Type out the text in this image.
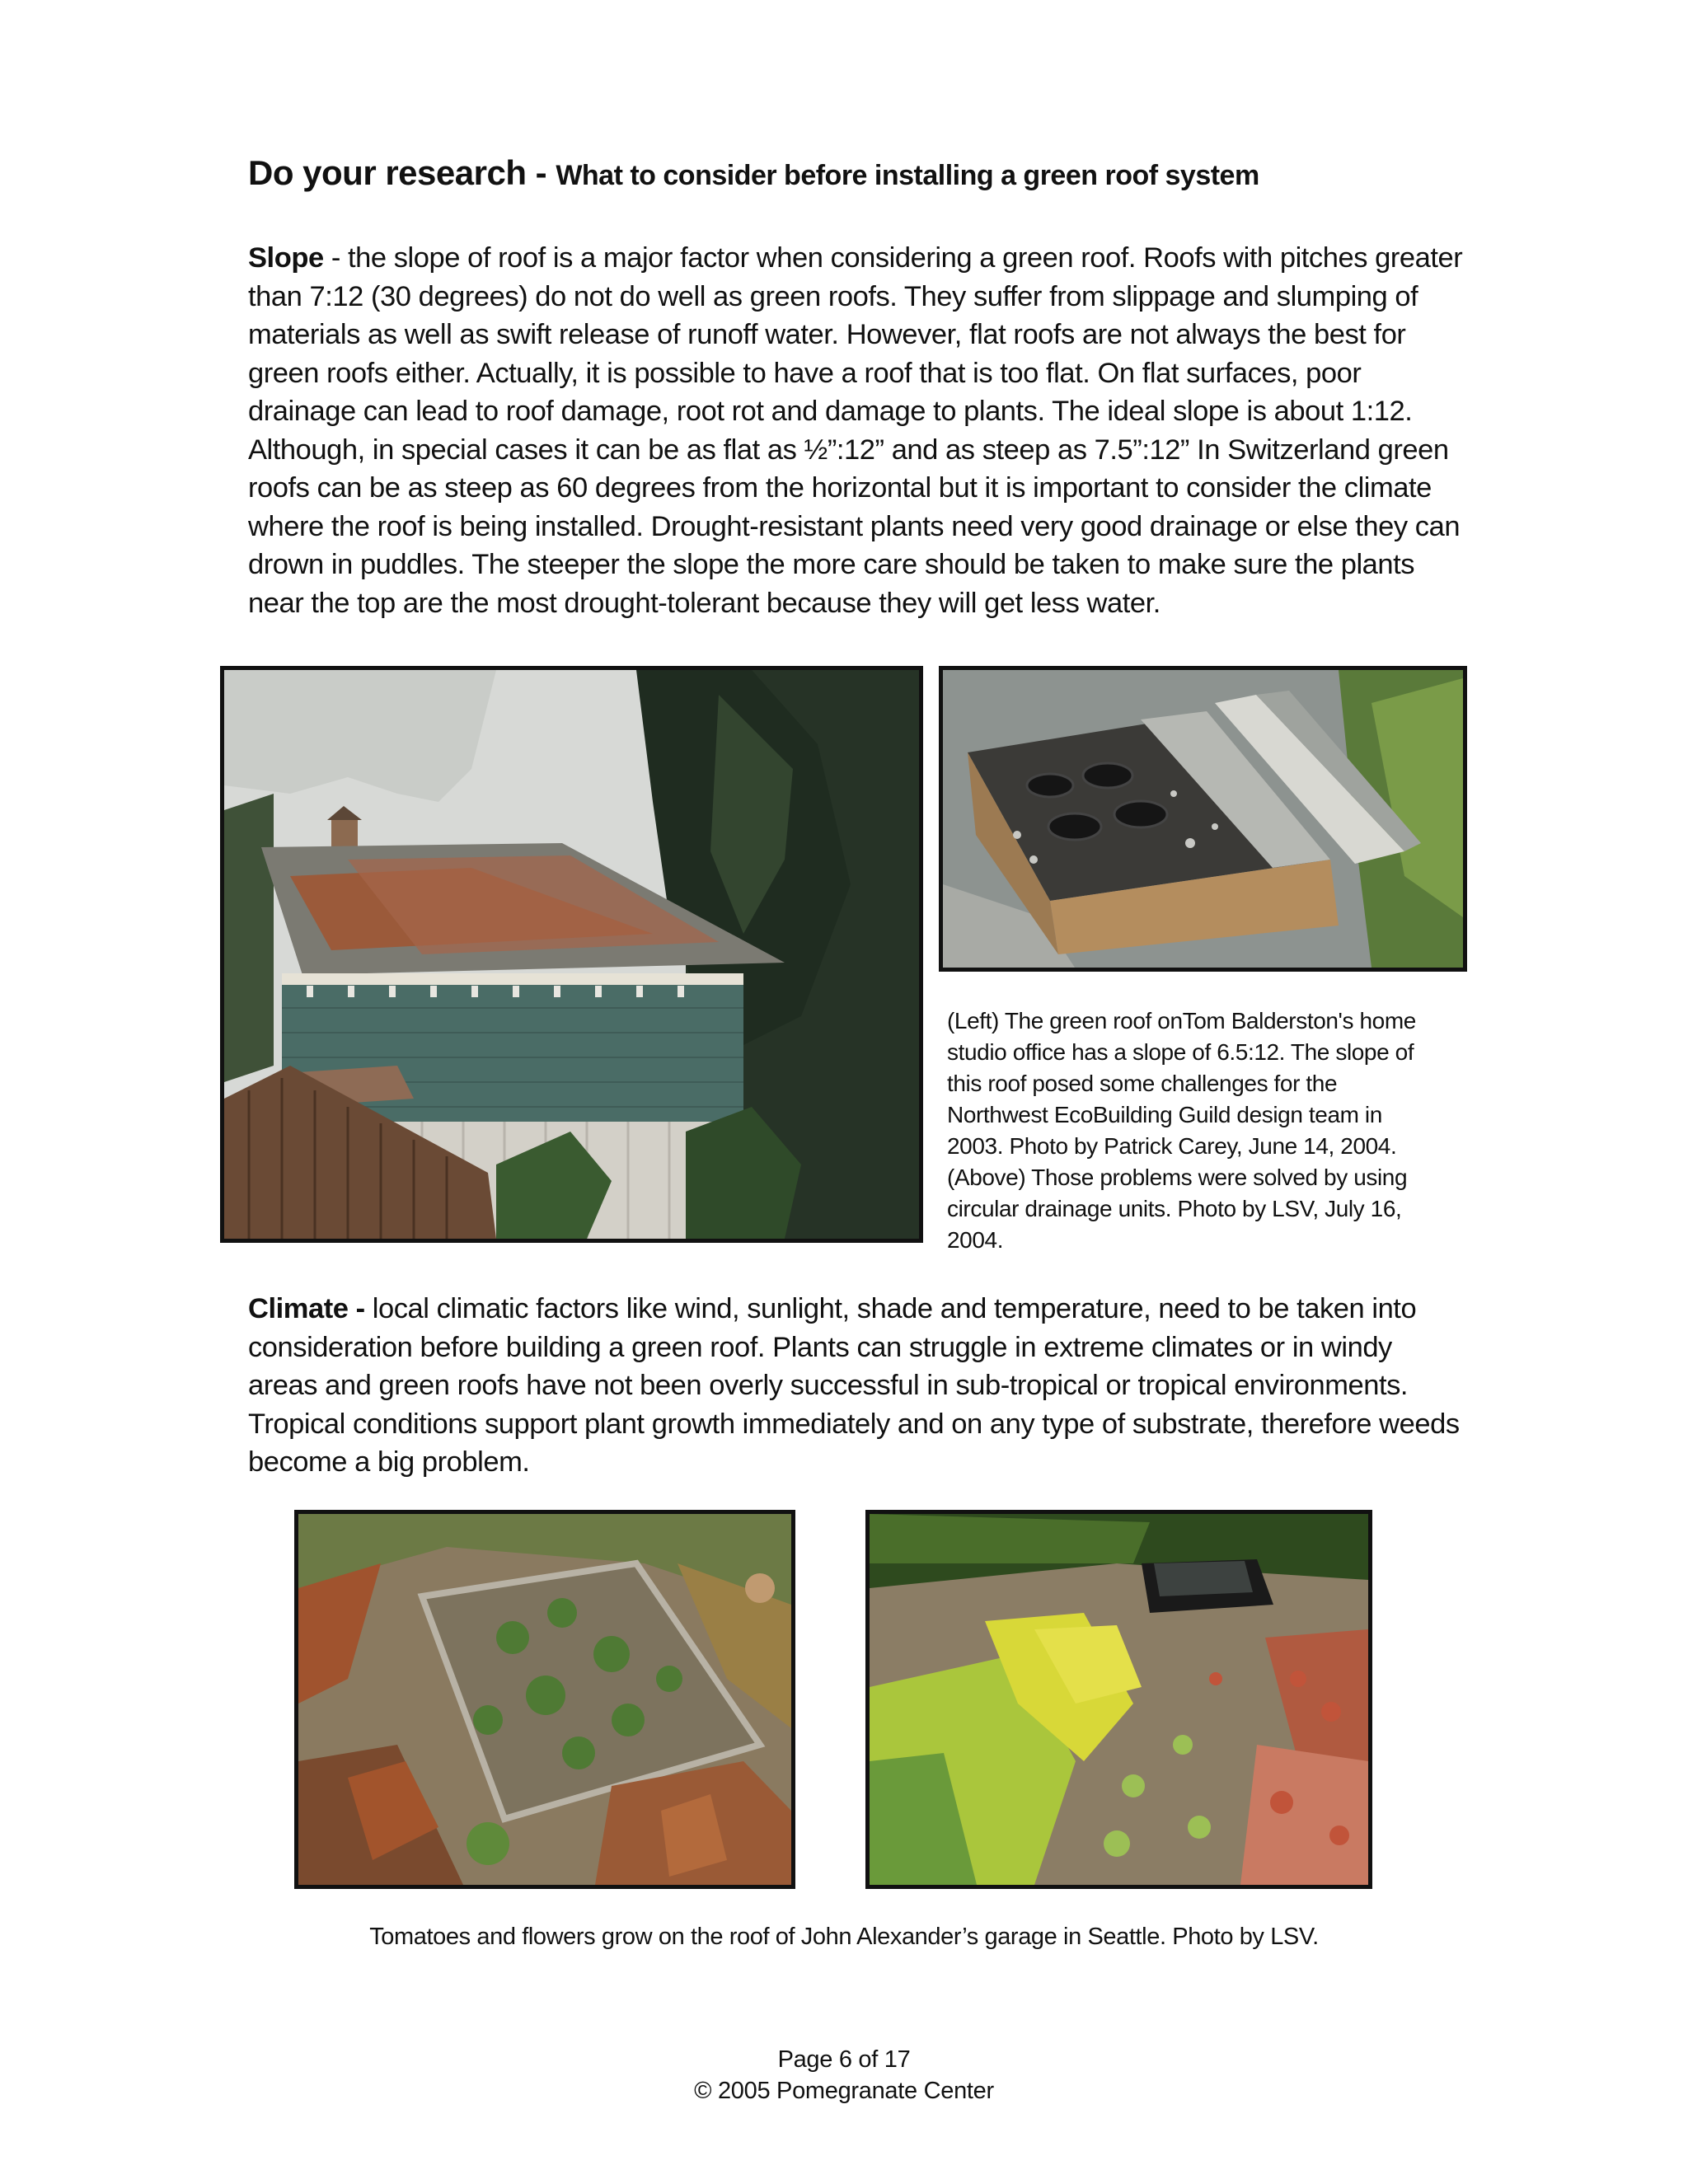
Do your research - What to consider before installing a green roof system

Slope - the slope of roof is a major factor when considering a green roof. Roofs with pitches greater than 7:12 (30 degrees) do not do well as green roofs. They suffer from slippage and slumping of materials as well as swift release of runoff water. However, flat roofs are not always the best for green roofs either. Actually, it is possible to have a roof that is too flat. On flat surfaces, poor drainage can lead to roof damage, root rot and damage to plants. The ideal slope is about 1:12. Although, in special cases it can be as flat as ½”:12” and as steep as 7.5”:12” In Switzerland green roofs can be as steep as 60 degrees from the horizontal but it is important to consider the climate where the roof is being installed. Drought-resistant plants need very good drainage or else they can drown in puddles. The steeper the slope the more care should be taken to make sure the plants near the top are the most drought-tolerant because they will get less water.

(Left) The green roof onTom Balderston's home studio office has a slope of 6.5:12. The slope of this roof posed some challenges for the Northwest EcoBuilding Guild design team in 2003. Photo by Patrick Carey, June 14, 2004. (Above) Those problems were solved by using circular drainage units. Photo by LSV, July 16, 2004.

Climate - local climatic factors like wind, sunlight, shade and temperature, need to be taken into consideration before building a green roof. Plants can struggle in extreme climates or in windy areas and green roofs have not been overly successful in sub-tropical or tropical environments. Tropical conditions support plant growth immediately and on any type of substrate, therefore weeds become a big problem.

Tomatoes and flowers grow on the roof of John Alexander’s garage in Seattle. Photo by LSV.

Page 6 of 17
© 2005 Pomegranate Center
